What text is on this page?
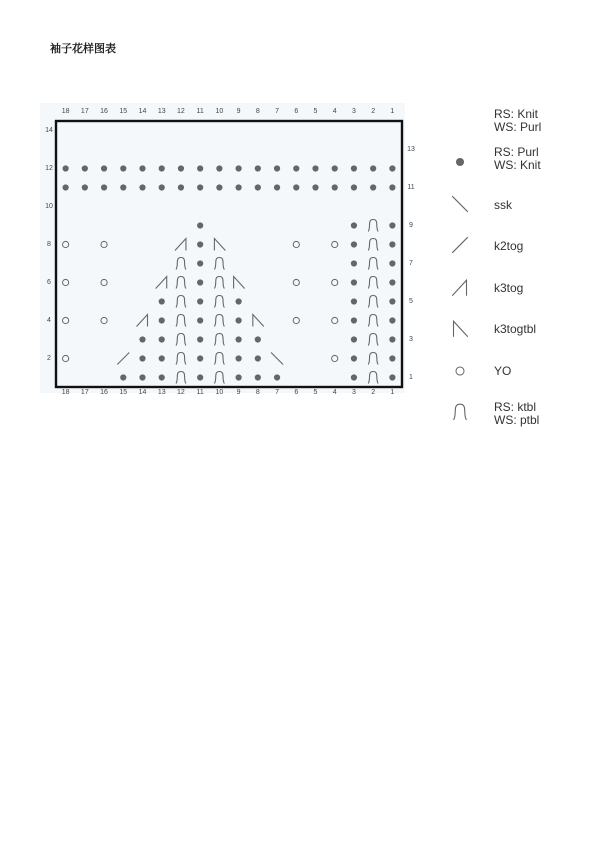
袖子花样图表
18
18
17
17
16
16
15
15
14
14
13
13
12
12
11
11
10
10
9
9
8
8
7
7
6
6
5
5
4
4
3
3
2
2
1
1
14
12
10
8
6
4
2
13
11
9
7
5
3
1
RS: Knit
WS: Purl
RS: Purl
WS: Knit
ssk
k2tog
k3tog
k3togtbl
YO
RS: ktbl
WS: ptbl
